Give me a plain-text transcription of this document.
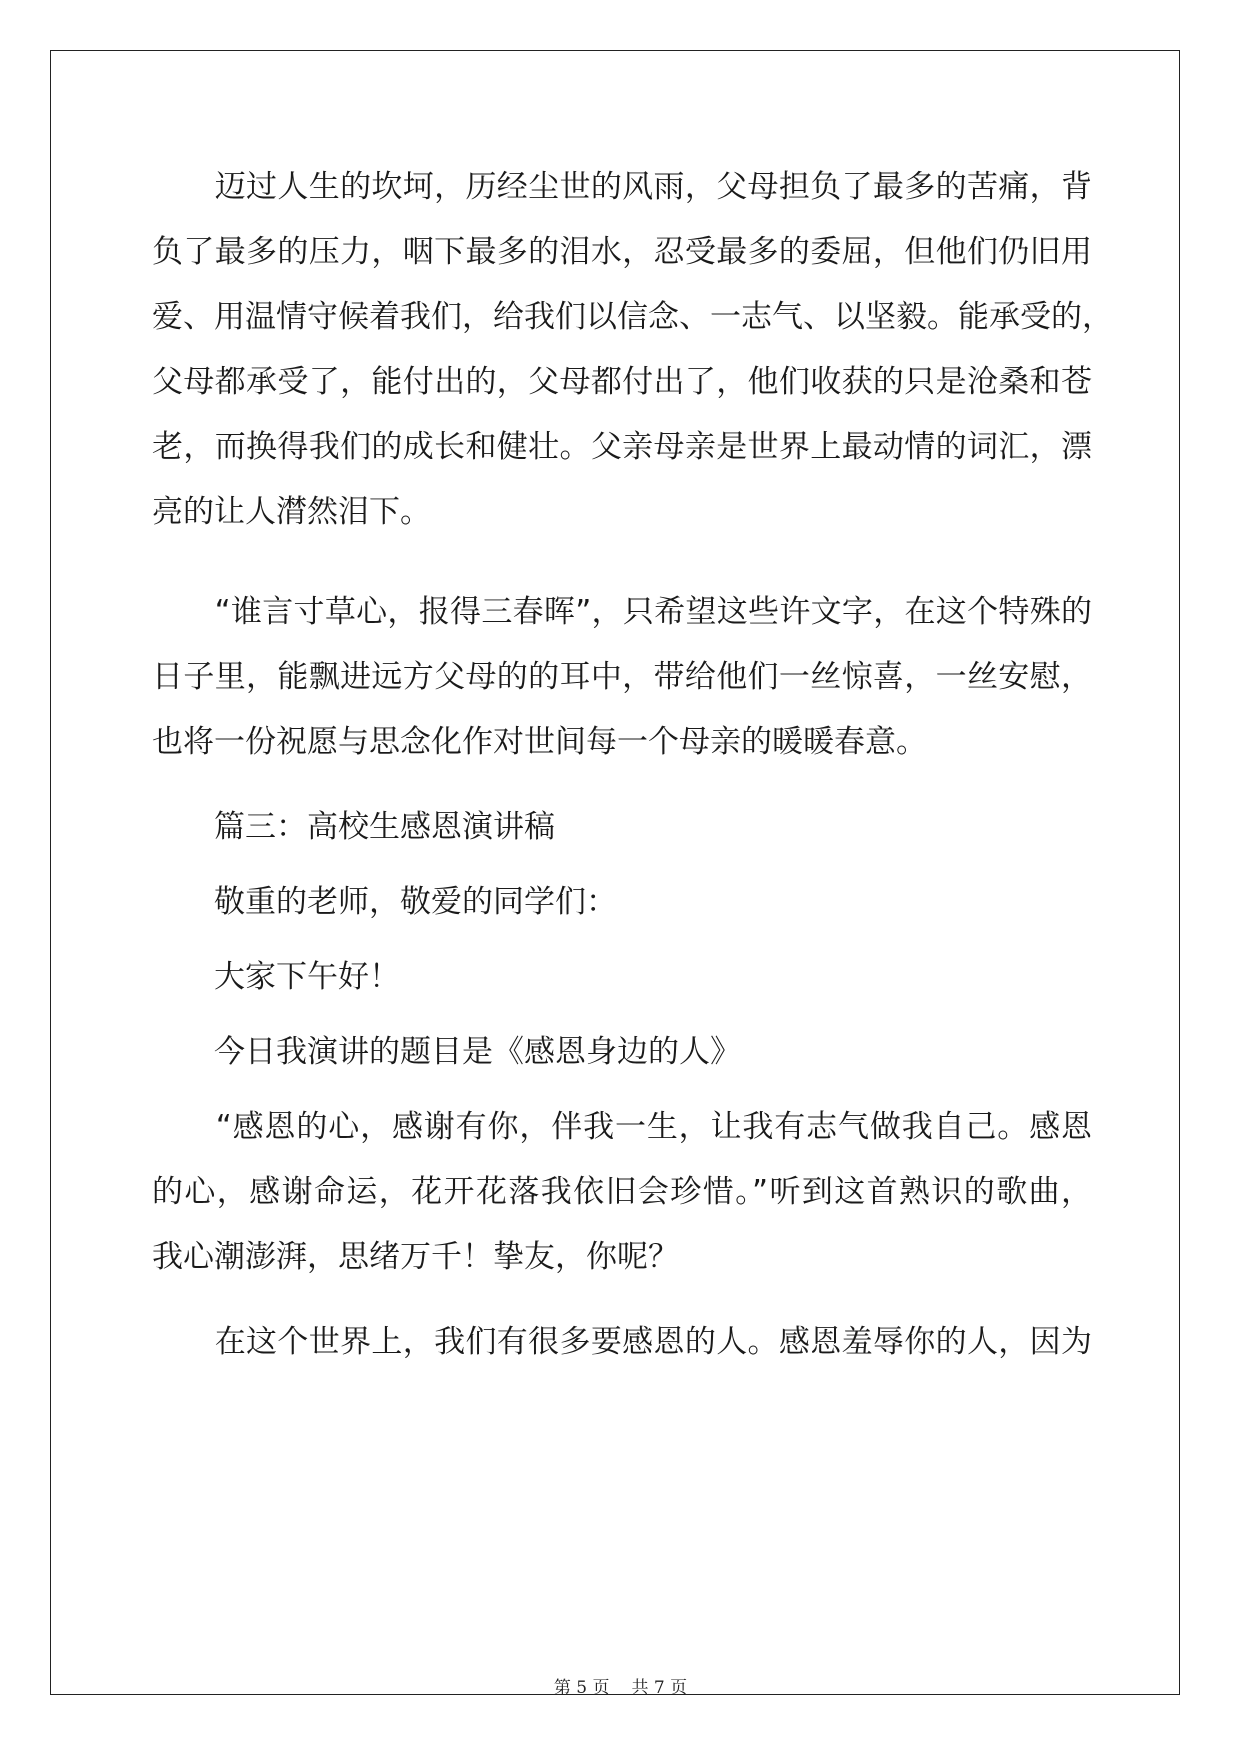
　　迈过人生的坎坷，历经尘世的风雨，父母担负了最多的苦痛，背
负了最多的压力，咽下最多的泪水，忍受最多的委屈，但他们仍旧用
爱、用温情守候着我们，给我们以信念、一志气、以坚毅。能承受的，
父母都承受了，能付出的，父母都付出了，他们收获的只是沧桑和苍
老，而换得我们的成长和健壮。父亲母亲是世界上最动情的词汇，漂
亮的让人潸然泪下。
　　“谁言寸草心，报得三春晖”，只希望这些许文字，在这个特殊的
日子里，能飘进远方父母的的耳中，带给他们一丝惊喜，一丝安慰，
也将一份祝愿与思念化作对世间每一个母亲的暖暖春意。
　　篇三：高校生感恩演讲稿
　　敬重的老师，敬爱的同学们：
　　大家下午好！
　　今日我演讲的题目是《感恩身边的人》
　　“感恩的心，感谢有你，伴我一生，让我有志气做我自己。感恩
的心，感谢命运，花开花落我依旧会珍惜。”听到这首熟识的歌曲，
我心潮澎湃，思绪万千！挚友，你呢？
　　在这个世界上，我们有很多要感恩的人。感恩羞辱你的人，因为
第 5 页 共 7 页
